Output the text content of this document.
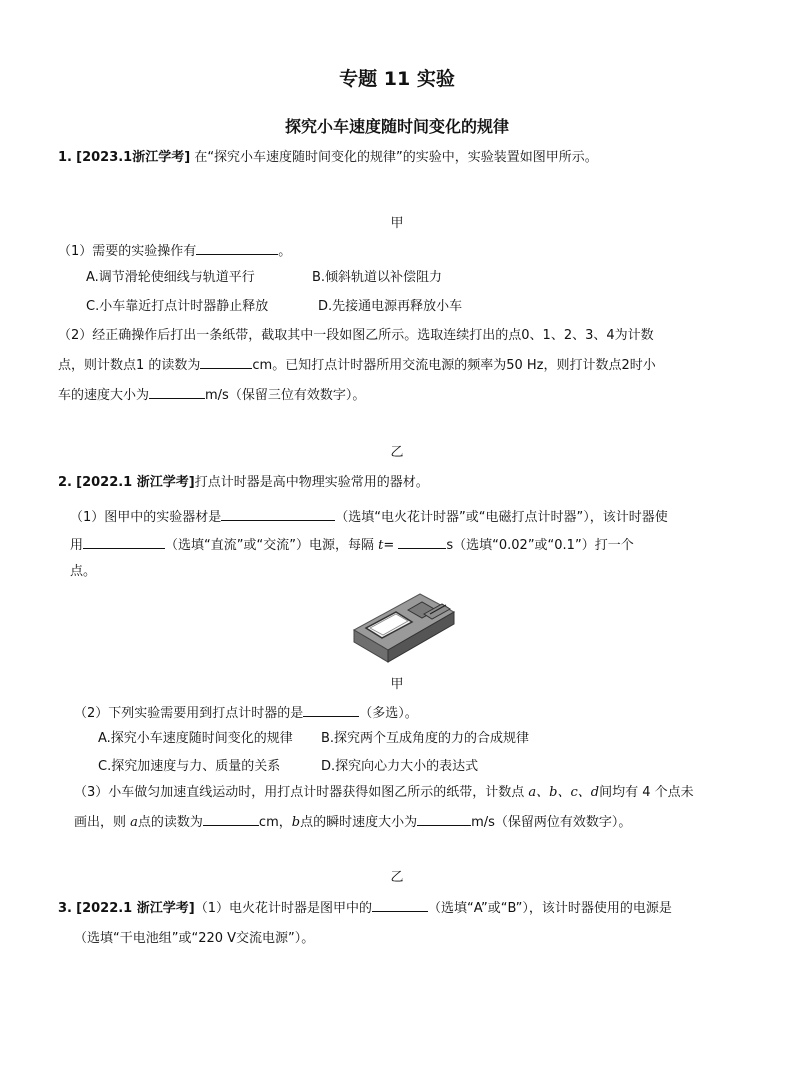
专题 11 实验
探究小车速度随时间变化的规律
1. [2023.1浙江学考] 在“探究小车速度随时间变化的规律”的实验中，实验装置如图甲所示。
甲
（1）需要的实验操作有	。
A.调节滑轮使细线与轨道平行	B.倾斜轨道以补偿阻力
C.小车靠近打点计时器静止释放	D.先接通电源再释放小车
（2）经正确操作后打出一条纸带，截取其中一段如图乙所示。选取连续打出的点0、1、2、3、4为计数
点，则计数点1 的读数为	cm。已知打点计时器所用交流电源的频率为50 Hz，则打计数点2时小
车的速度大小为	m/s（保留三位有效数字）。
乙
2. [2022.1 浙江学考]打点计时器是高中物理实验常用的器材。
（1）图甲中的实验器材是	（选填“电火花计时器”或“电磁打点计时器”），该计时器使
用	（选填“直流”或“交流”）电源，每隔 t=	s（选填“0.02”或“0.1”）打一个
点。
甲
（2）下列实验需要用到打点计时器的是	（多选）。
A.探究小车速度随时间变化的规律 B.探究两个互成角度的力的合成规律
C.探究加速度与力、质量的关系	D.探究向心力大小的表达式
（3）小车做匀加速直线运动时，用打点计时器获得如图乙所示的纸带，计数点 a、b、c、d间均有 4 个点未
画出，则 a点的读数为	cm，b点的瞬时速度大小为	m/s（保留两位有效数字）。
乙
3. [2022.1 浙江学考]（1）电火花计时器是图甲中的	（选填“A”或“B”），该计时器使用的电源是
（选填“干电池组”或“220 V交流电源”）。
